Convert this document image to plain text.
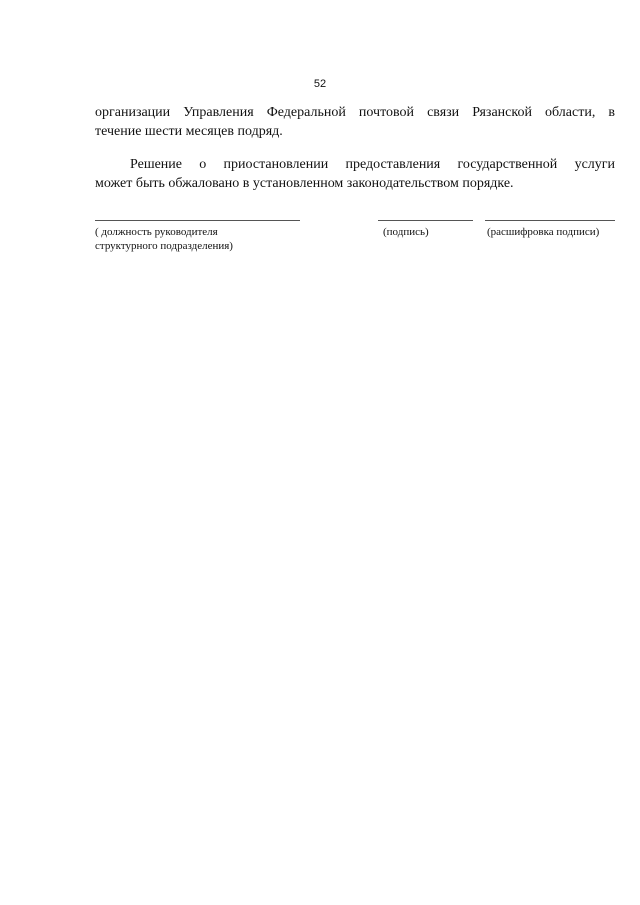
52
организации Управления Федеральной почтовой связи Рязанской области, в
течение шести месяцев подряд.
Решение о приостановлении предоставления государственной услуги
может быть обжаловано в установленном законодательством порядке.
( должность руководителя
структурного подразделения)
(подпись)	(расшифровка подписи)
